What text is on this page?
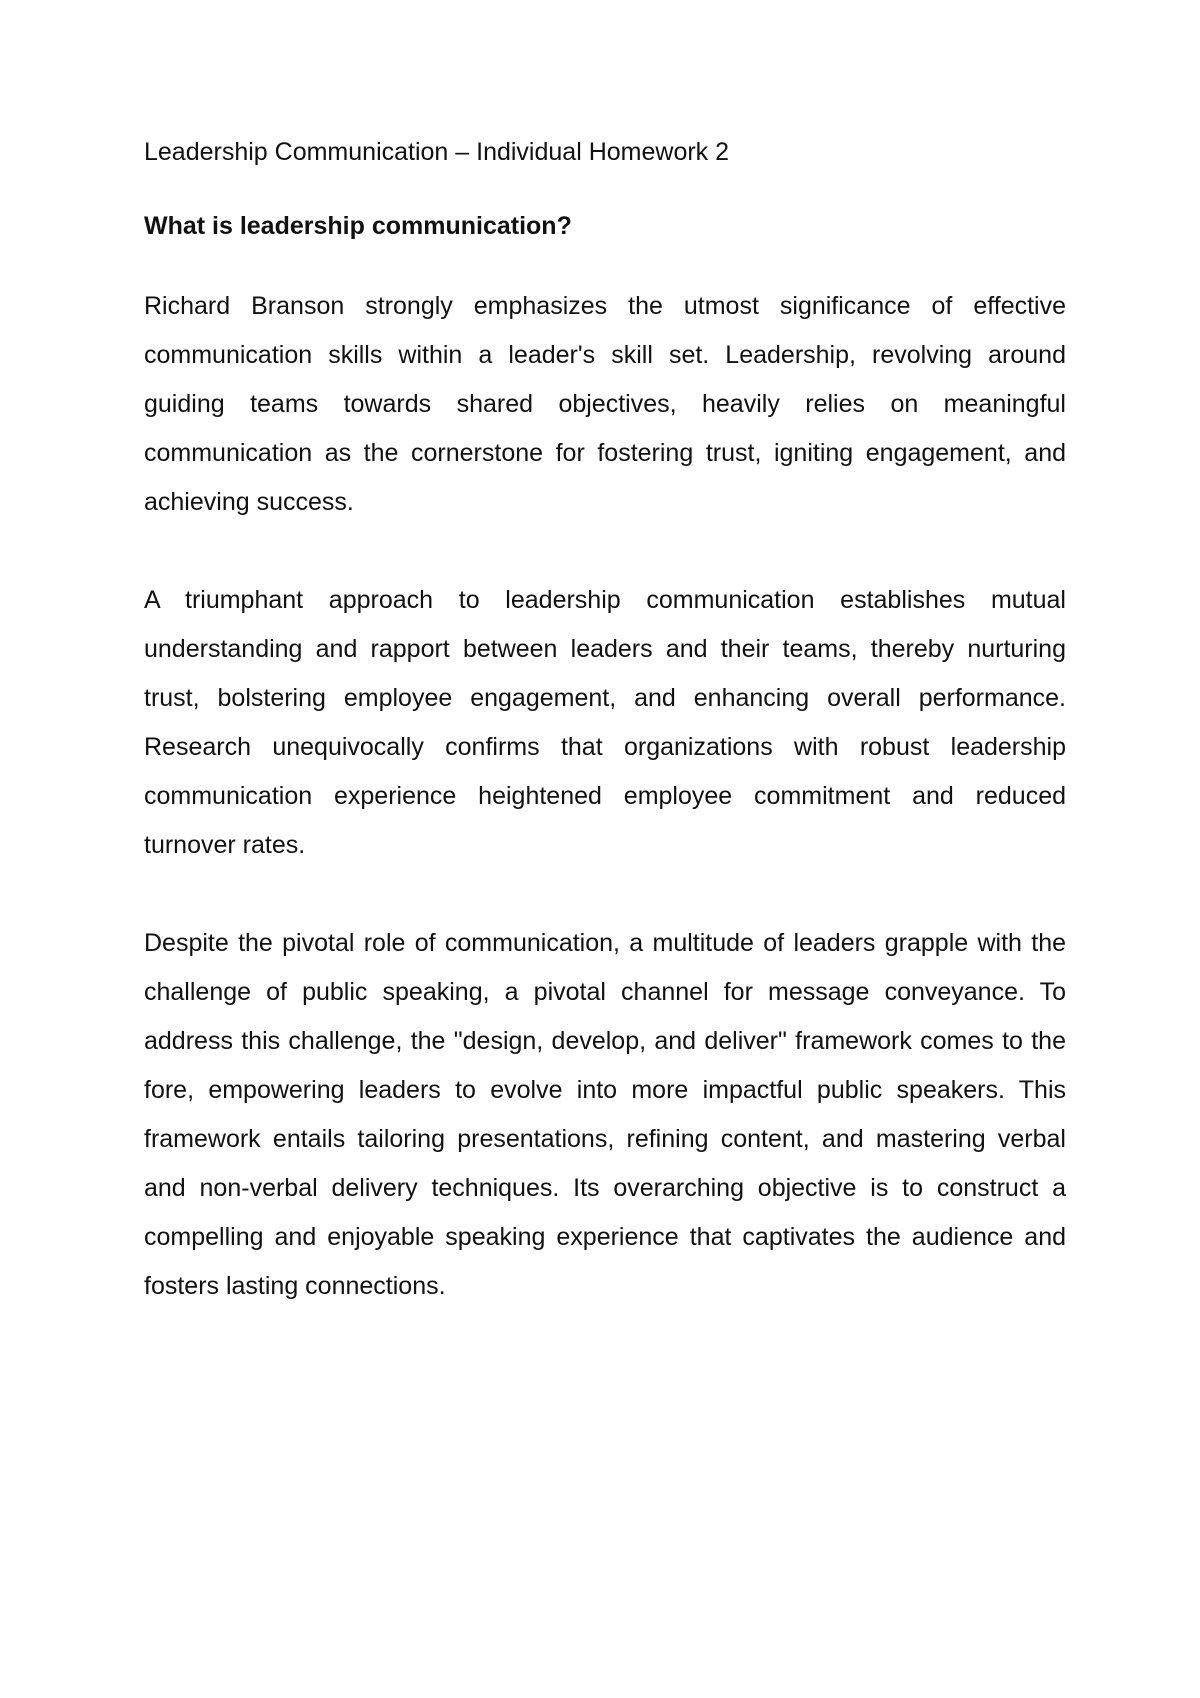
Leadership Communication – Individual Homework 2

What is leadership communication?

Richard Branson strongly emphasizes the utmost significance of effective communication skills within a leader's skill set. Leadership, revolving around guiding teams towards shared objectives, heavily relies on meaningful communication as the cornerstone for fostering trust, igniting engagement, and achieving success.

A triumphant approach to leadership communication establishes mutual understanding and rapport between leaders and their teams, thereby nurturing trust, bolstering employee engagement, and enhancing overall performance. Research unequivocally confirms that organizations with robust leadership communication experience heightened employee commitment and reduced turnover rates.

Despite the pivotal role of communication, a multitude of leaders grapple with the challenge of public speaking, a pivotal channel for message conveyance. To address this challenge, the "design, develop, and deliver" framework comes to the fore, empowering leaders to evolve into more impactful public speakers. This framework entails tailoring presentations, refining content, and mastering verbal and non-verbal delivery techniques. Its overarching objective is to construct a compelling and enjoyable speaking experience that captivates the audience and fosters lasting connections.
